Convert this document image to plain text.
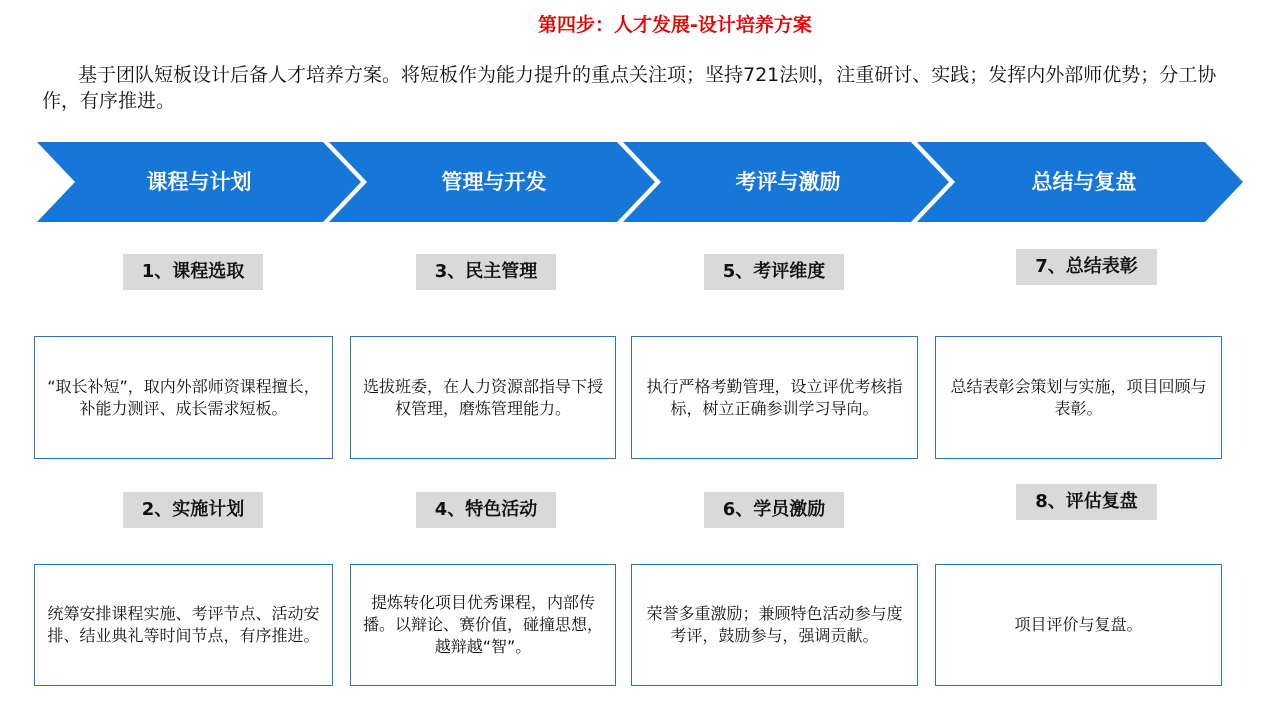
第四步：人才发展-设计培养方案
基于团队短板设计后备人才培养方案。将短板作为能力提升的重点关注项；坚持721法则，注重研讨、实践；发挥内外部师优势；分工协作，有序推进。
课程与计划	管理与开发	考评与激励	总结与复盘
1、课程选取
“取长补短”，取内外部师资课程擅长，补能力测评、成长需求短板。
2、实施计划
统筹安排课程实施、考评节点、活动安排、结业典礼等时间节点，有序推进。
3、民主管理
选拔班委，在人力资源部指导下授权管理，磨炼管理能力。
4、特色活动
提炼转化项目优秀课程，内部传播。以辩论、赛价值，碰撞思想，越辩越“智”。
5、考评维度
执行严格考勤管理，设立评优考核指标，树立正确参训学习导向。
6、学员激励
荣誉多重激励；兼顾特色活动参与度考评，鼓励参与，强调贡献。
7、总结表彰
总结表彰会策划与实施，项目回顾与表彰。
8、评估复盘
项目评价与复盘。
